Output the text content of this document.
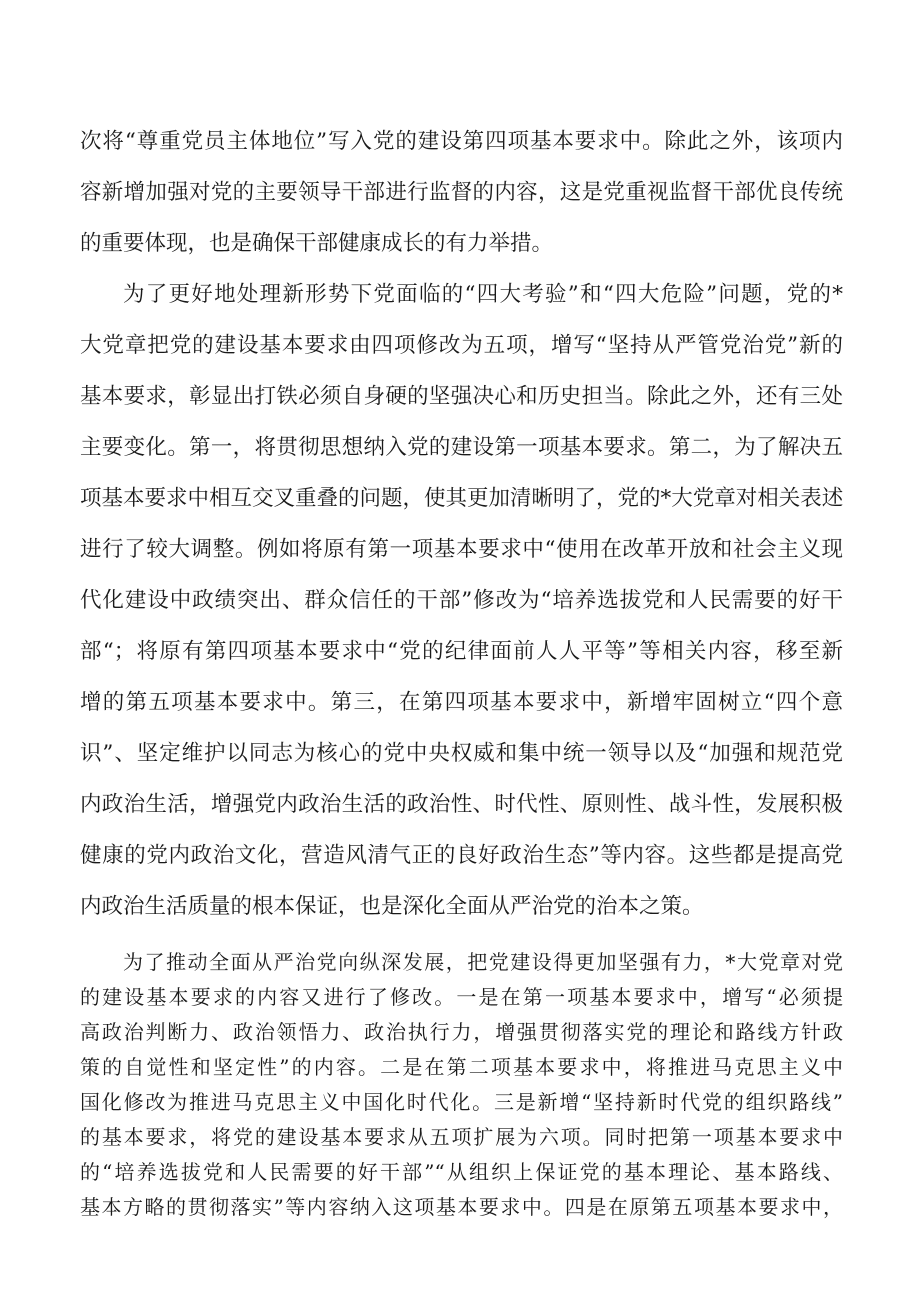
次将“尊重党员主体地位”写入党的建设第四项基本要求中。除此之外，该项内
容新增加强对党的主要领导干部进行监督的内容，这是党重视监督干部优良传统
的重要体现，也是确保干部健康成长的有力举措。
为了更好地处理新形势下党面临的“四大考验”和“四大危险”问题，党的*
大党章把党的建设基本要求由四项修改为五项，增写“坚持从严管党治党”新的
基本要求，彰显出打铁必须自身硬的坚强决心和历史担当。除此之外，还有三处
主要变化。第一，将贯彻思想纳入党的建设第一项基本要求。第二，为了解决五
项基本要求中相互交叉重叠的问题，使其更加清晰明了，党的*大党章对相关表述
进行了较大调整。例如将原有第一项基本要求中“使用在改革开放和社会主义现
代化建设中政绩突出、群众信任的干部”修改为“培养选拔党和人民需要的好干
部“；将原有第四项基本要求中“党的纪律面前人人平等”等相关内容，移至新
增的第五项基本要求中。第三，在第四项基本要求中，新增牢固树立“四个意
识”、坚定维护以同志为核心的党中央权威和集中统一领导以及“加强和规范党
内政治生活，增强党内政治生活的政治性、时代性、原则性、战斗性，发展积极
健康的党内政治文化，营造风清气正的良好政治生态”等内容。这些都是提高党
内政治生活质量的根本保证，也是深化全面从严治党的治本之策。
为了推动全面从严治党向纵深发展，把党建设得更加坚强有力，*大党章对党
的建设基本要求的内容又进行了修改。一是在第一项基本要求中，增写“必须提
高政治判断力、政治领悟力、政治执行力，增强贯彻落实党的理论和路线方针政
策的自觉性和坚定性”的内容。二是在第二项基本要求中，将推进马克思主义中
国化修改为推进马克思主义中国化时代化。三是新增“坚持新时代党的组织路线”
的基本要求，将党的建设基本要求从五项扩展为六项。同时把第一项基本要求中
的“培养选拔党和人民需要的好干部”“从组织上保证党的基本理论、基本路线、
基本方略的贯彻落实”等内容纳入这项基本要求中。四是在原第五项基本要求中，
